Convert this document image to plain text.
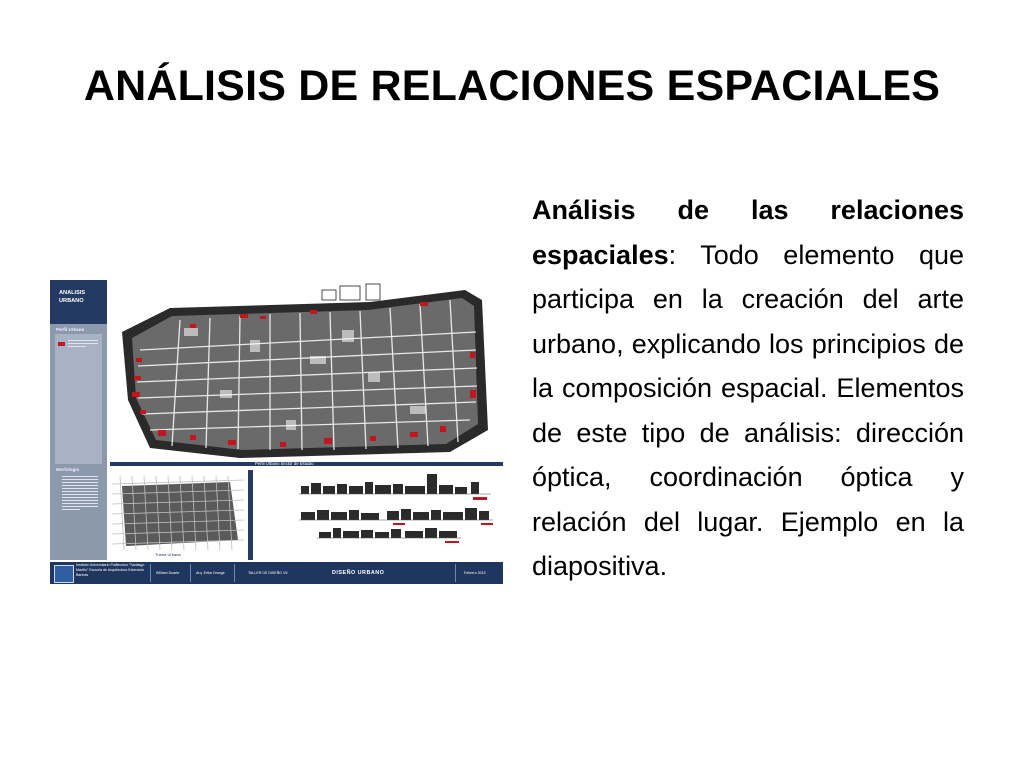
ANÁLISIS DE RELACIONES ESPACIALES
Análisis de las relaciones espaciales: Todo elemento que participa en la creación del arte urbano, explicando los principios de la composición espacial. Elementos de este tipo de análisis: dirección óptica, coordinación óptica y relación del lugar. Ejemplo en la diapositiva.
ANALISIS URBANO
Perfil Urbano
Morfologia
Perfil Urbano Sector de Estudio
Trama Urbana
Instituto Universitario Politécnico "Santiago Mariño" Escuela de Arquitectura Extensión Barinas	William Duarte	Arq. Erika Orange	TALLER DE DISEÑO VII	DISEÑO URBANO	Febrero 2015
